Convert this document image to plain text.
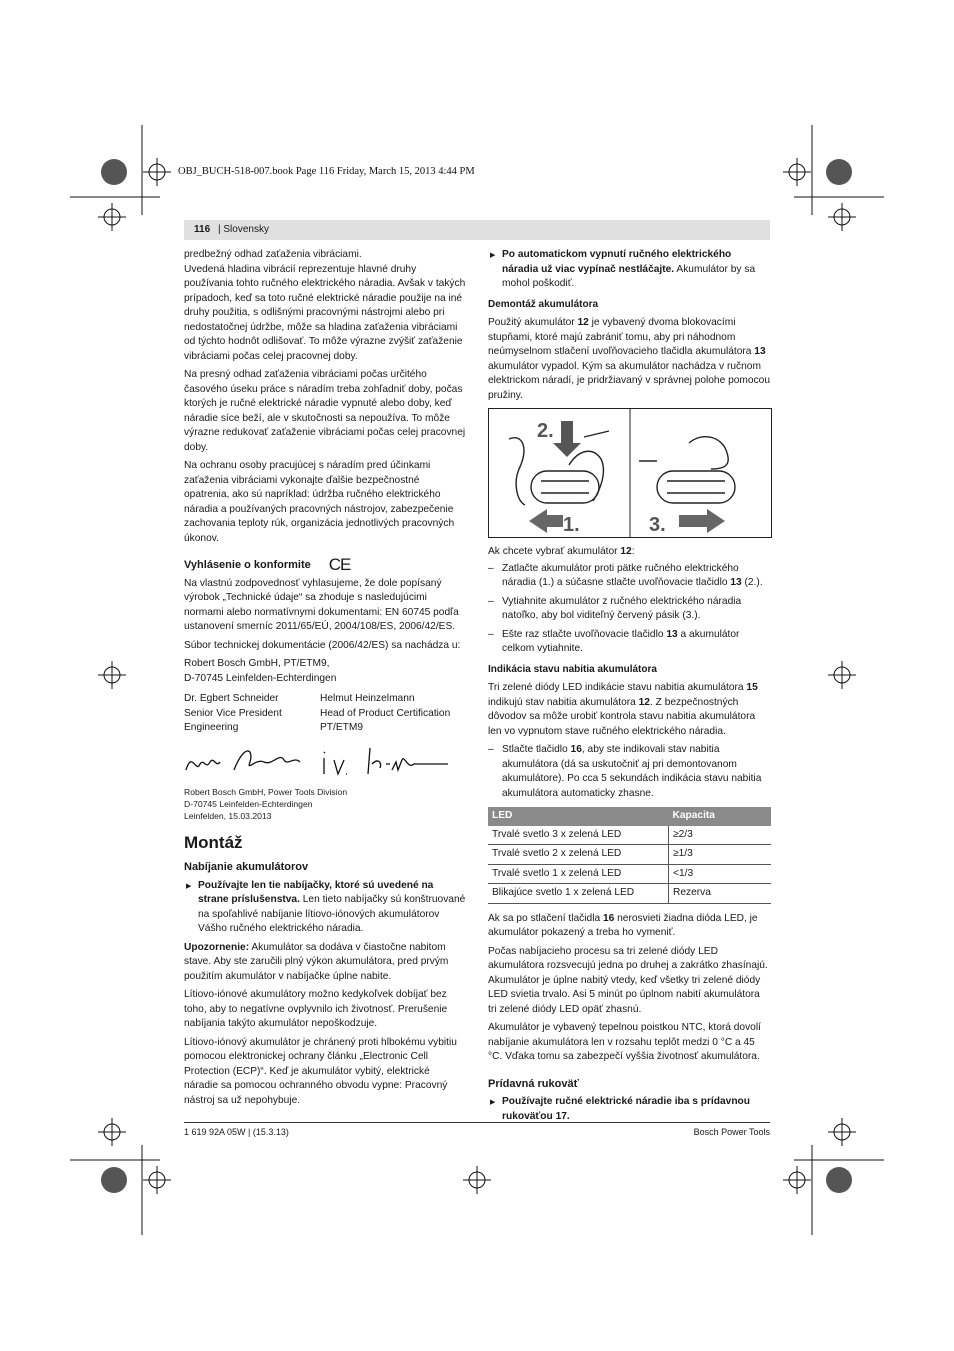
OBJ_BUCH-518-007.book Page 116 Friday, March 15, 2013 4:44 PM
116 | Slovensky

predbežný odhad zaťaženia vibráciami.

Uvedená hladina vibrácií reprezentuje hlavné druhy používania tohto ručného elektrického náradia. Avšak v takých prípadoch, keď sa toto ručné elektrické náradie použije na iné druhy použitia, s odlišnými pracovnými nástrojmi alebo pri nedostatočnej údržbe, môže sa hladina zaťaženia vibráciami od týchto hodnôt odlišovať. To môže výrazne zvýšiť zaťaženie vibráciami počas celej pracovnej doby.

Na presný odhad zaťaženia vibráciami počas určitého časového úseku práce s náradím treba zohľadniť doby, počas ktorých je ručné elektrické náradie vypnuté alebo doby, keď náradie síce beží, ale v skutočnosti sa nepoužíva. To môže výrazne redukovať zaťaženie vibráciami počas celej pracovnej doby.

Na ochranu osoby pracujúcej s náradím pred účinkami zaťaženia vibráciami vykonajte ďalšie bezpečnostné opatrenia, ako sú napríklad: údržba ručného elektrického náradia a používaných pracovných nástrojov, zabezpečenie zachovania teploty rúk, organizácia jednotlivých pracovných úkonov.

Vyhlásenie o konformite CE

Na vlastnú zodpovednosť vyhlasujeme, že dole popísaný výrobok „Technické údaje“ sa zhoduje s nasledujúcimi normami alebo normatívnymi dokumentami: EN 60745 podľa ustanovení smerníc 2011/65/EÚ, 2004/108/ES, 2006/42/ES.

Súbor technickej dokumentácie (2006/42/ES) sa nachádza u:

Robert Bosch GmbH, PT/ETM9,
D-70745 Leinfelden-Echterdingen

Dr. Egbert Schneider	Helmut Heinzelmann
Senior Vice President	Head of Product Certification
Engineering	PT/ETM9
Robert Bosch GmbH, Power Tools Division
D-70745 Leinfelden-Echterdingen
Leinfelden, 15.03.2013
Montáž
Nabíjanie akumulátorov

▶ Používajte len tie nabíjačky, ktoré sú uvedené na strane príslušenstva. Len tieto nabíjačky sú konštruované na spoľahlivé nabíjanie lítiovo-iónových akumulátorov Vášho ručného elektrického náradia.

Upozornenie: Akumulátor sa dodáva v čiastočne nabitom stave. Aby ste zaručili plný výkon akumulátora, pred prvým použitím akumulátor v nabíjačke úplne nabite.

Lítiovo-iónové akumulátory možno kedykoľvek dobíjať bez toho, aby to negatívne ovplyvnilo ich životnosť. Prerušenie nabíjania takýto akumulátor nepoškodzuje.

Lítiovo-iónový akumulátor je chránený proti hlbokému vybitiu pomocou elektronickej ochrany článku „Electronic Cell Protection (ECP)“. Keď je akumulátor vybitý, elektrické náradie sa pomocou ochranného obvodu vypne: Pracovný nástroj sa už nepohybuje.

▶ Po automatickom vypnutí ručného elektrického náradia už viac vypínač nestláčajte. Akumulátor by sa mohol poškodiť.

Demontáž akumulátora

Použitý akumulátor 12 je vybavený dvoma blokovacími stupňami, ktoré majú zabrániť tomu, aby pri náhodnom neúmyselnom stlačení uvoľňovacieho tlačidla akumulátora 13 akumulátor vypadol. Kým sa akumulátor nachádza v ručnom elektrickom náradí, je pridržiavaný v správnej polohe pomocou pružiny.

2.
1.	3.

Ak chcete vybrať akumulátor 12:

– Zatlačte akumulátor proti pätke ručného elektrického náradia (1.) a súčasne stlačte uvoľňovacie tlačidlo 13 (2.).

– Vytiahnite akumulátor z ručného elektrického náradia natoľko, aby bol viditeľný červený pásik (3.).

– Ešte raz stlačte uvoľňovacie tlačidlo 13 a akumulátor celkom vytiahnite.

Indikácia stavu nabitia akumulátora

Tri zelené diódy LED indikácie stavu nabitia akumulátora 15 indikujú stav nabitia akumulátora 12. Z bezpečnostných dôvodov sa môže urobiť kontrola stavu nabitia akumulátora len vo vypnutom stave ručného elektrického náradia.

– Stlačte tlačidlo 16, aby ste indikovali stav nabitia akumulátora (dá sa uskutočniť aj pri demontovanom akumulátore). Po cca 5 sekundách indikácia stavu nabitia akumulátora automaticky zhasne.

LED	Kapacita
Trvalé svetlo 3 x zelená LED	≥2/3
Trvalé svetlo 2 x zelená LED	≥1/3
Trvalé svetlo 1 x zelená LED	<1/3
Blikajúce svetlo 1 x zelená LED	Rezerva

Ak sa po stlačení tlačidla 16 nerosvieti žiadna dióda LED, je akumulátor pokazený a treba ho vymeniť.

Počas nabíjacieho procesu sa tri zelené diódy LED akumulátora rozsvecujú jedna po druhej a zakrátko zhasínajú. Akumulátor je úplne nabitý vtedy, keď všetky tri zelené diódy LED svietia trvalo. Asi 5 minút po úplnom nabití akumulátora tri zelené diódy LED opäť zhasnú.

Akumulátor je vybavený tepelnou poistkou NTC, ktorá dovolí nabíjanie akumulátora len v rozsahu teplôt medzi 0 °C a 45 °C. Vďaka tomu sa zabezpečí vyššia životnosť akumulátora.

Prídavná rukoväť

▶ Používajte ručné elektrické náradie iba s prídavnou rukoväťou 17.

1 619 92A 05W | (15.3.13)	Bosch Power Tools
